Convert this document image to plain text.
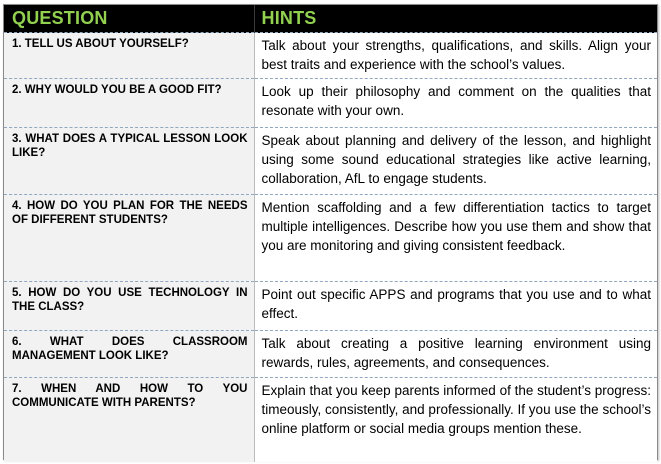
QUESTION	HINTS
1. TELL US ABOUT YOURSELF?	Talk about your strengths, qualifications, and skills. Align your best traits and experience with the school’s values.
2. WHY WOULD YOU BE A GOOD FIT?	Look up their philosophy and comment on the qualities that resonate with your own.
3. WHAT DOES A TYPICAL LESSON LOOK LIKE?	Speak about planning and delivery of the lesson, and highlight using some sound educational strategies like active learning, collaboration, AfL to engage students.
4. HOW DO YOU PLAN FOR THE NEEDS OF DIFFERENT STUDENTS?	Mention scaffolding and a few differentiation tactics to target multiple intelligences. Describe how you use them and show that you are monitoring and giving consistent feedback.
5. HOW DO YOU USE TECHNOLOGY IN THE CLASS?	Point out specific APPS and programs that you use and to what effect.
6. WHAT DOES CLASSROOM MANAGEMENT LOOK LIKE?	Talk about creating a positive learning environment using rewards, rules, agreements, and consequences.
7. WHEN AND HOW TO YOU COMMUNICATE WITH PARENTS?	Explain that you keep parents informed of the student’s progress: timeously, consistently, and professionally. If you use the school’s online platform or social media groups mention these.
